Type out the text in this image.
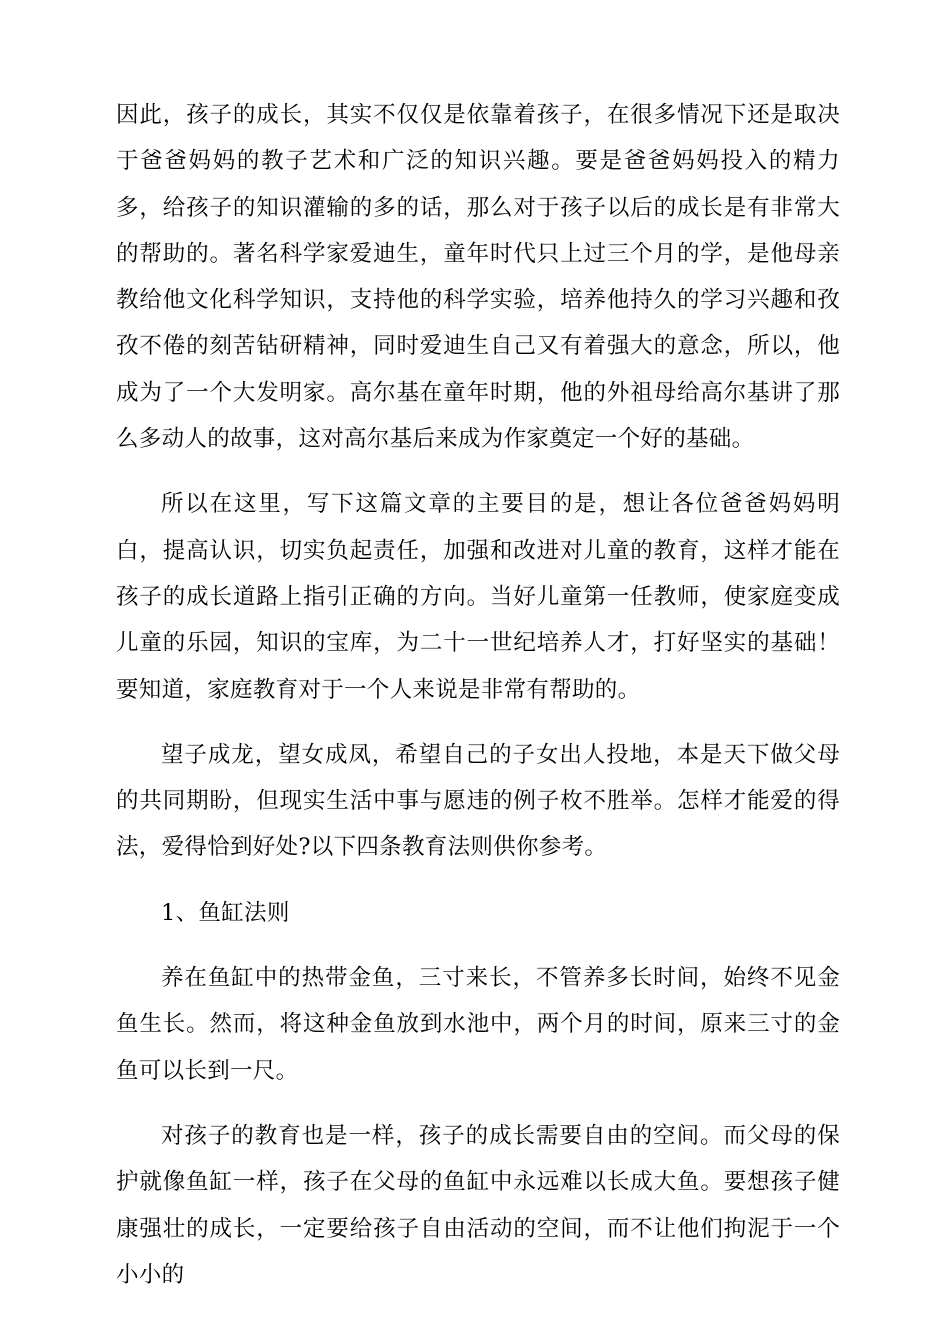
因此，孩子的成长，其实不仅仅是依靠着孩子，在很多情况下还是取决于爸爸妈妈的教子艺术和广泛的知识兴趣。要是爸爸妈妈投入的精力多，给孩子的知识灌输的多的话，那么对于孩子以后的成长是有非常大的帮助的。著名科学家爱迪生，童年时代只上过三个月的学，是他母亲教给他文化科学知识，支持他的科学实验，培养他持久的学习兴趣和孜孜不倦的刻苦钻研精神，同时爱迪生自己又有着强大的意念，所以，他成为了一个大发明家。高尔基在童年时期，他的外祖母给高尔基讲了那么多动人的故事，这对高尔基后来成为作家奠定一个好的基础。

所以在这里，写下这篇文章的主要目的是，想让各位爸爸妈妈明白，提高认识，切实负起责任，加强和改进对儿童的教育，这样才能在孩子的成长道路上指引正确的方向。当好儿童第一任教师，使家庭变成儿童的乐园，知识的宝库，为二十一世纪培养人才，打好坚实的基础！要知道，家庭教育对于一个人来说是非常有帮助的。

望子成龙，望女成凤，希望自己的子女出人投地，本是天下做父母的共同期盼，但现实生活中事与愿违的例子枚不胜举。怎样才能爱的得法，爱得恰到好处?以下四条教育法则供你参考。

1、鱼缸法则

养在鱼缸中的热带金鱼，三寸来长，不管养多长时间，始终不见金鱼生长。然而，将这种金鱼放到水池中，两个月的时间，原来三寸的金鱼可以长到一尺。

对孩子的教育也是一样，孩子的成长需要自由的空间。而父母的保护就像鱼缸一样，孩子在父母的鱼缸中永远难以长成大鱼。要想孩子健康强壮的成长，一定要给孩子自由活动的空间，而不让他们拘泥于一个小小的
